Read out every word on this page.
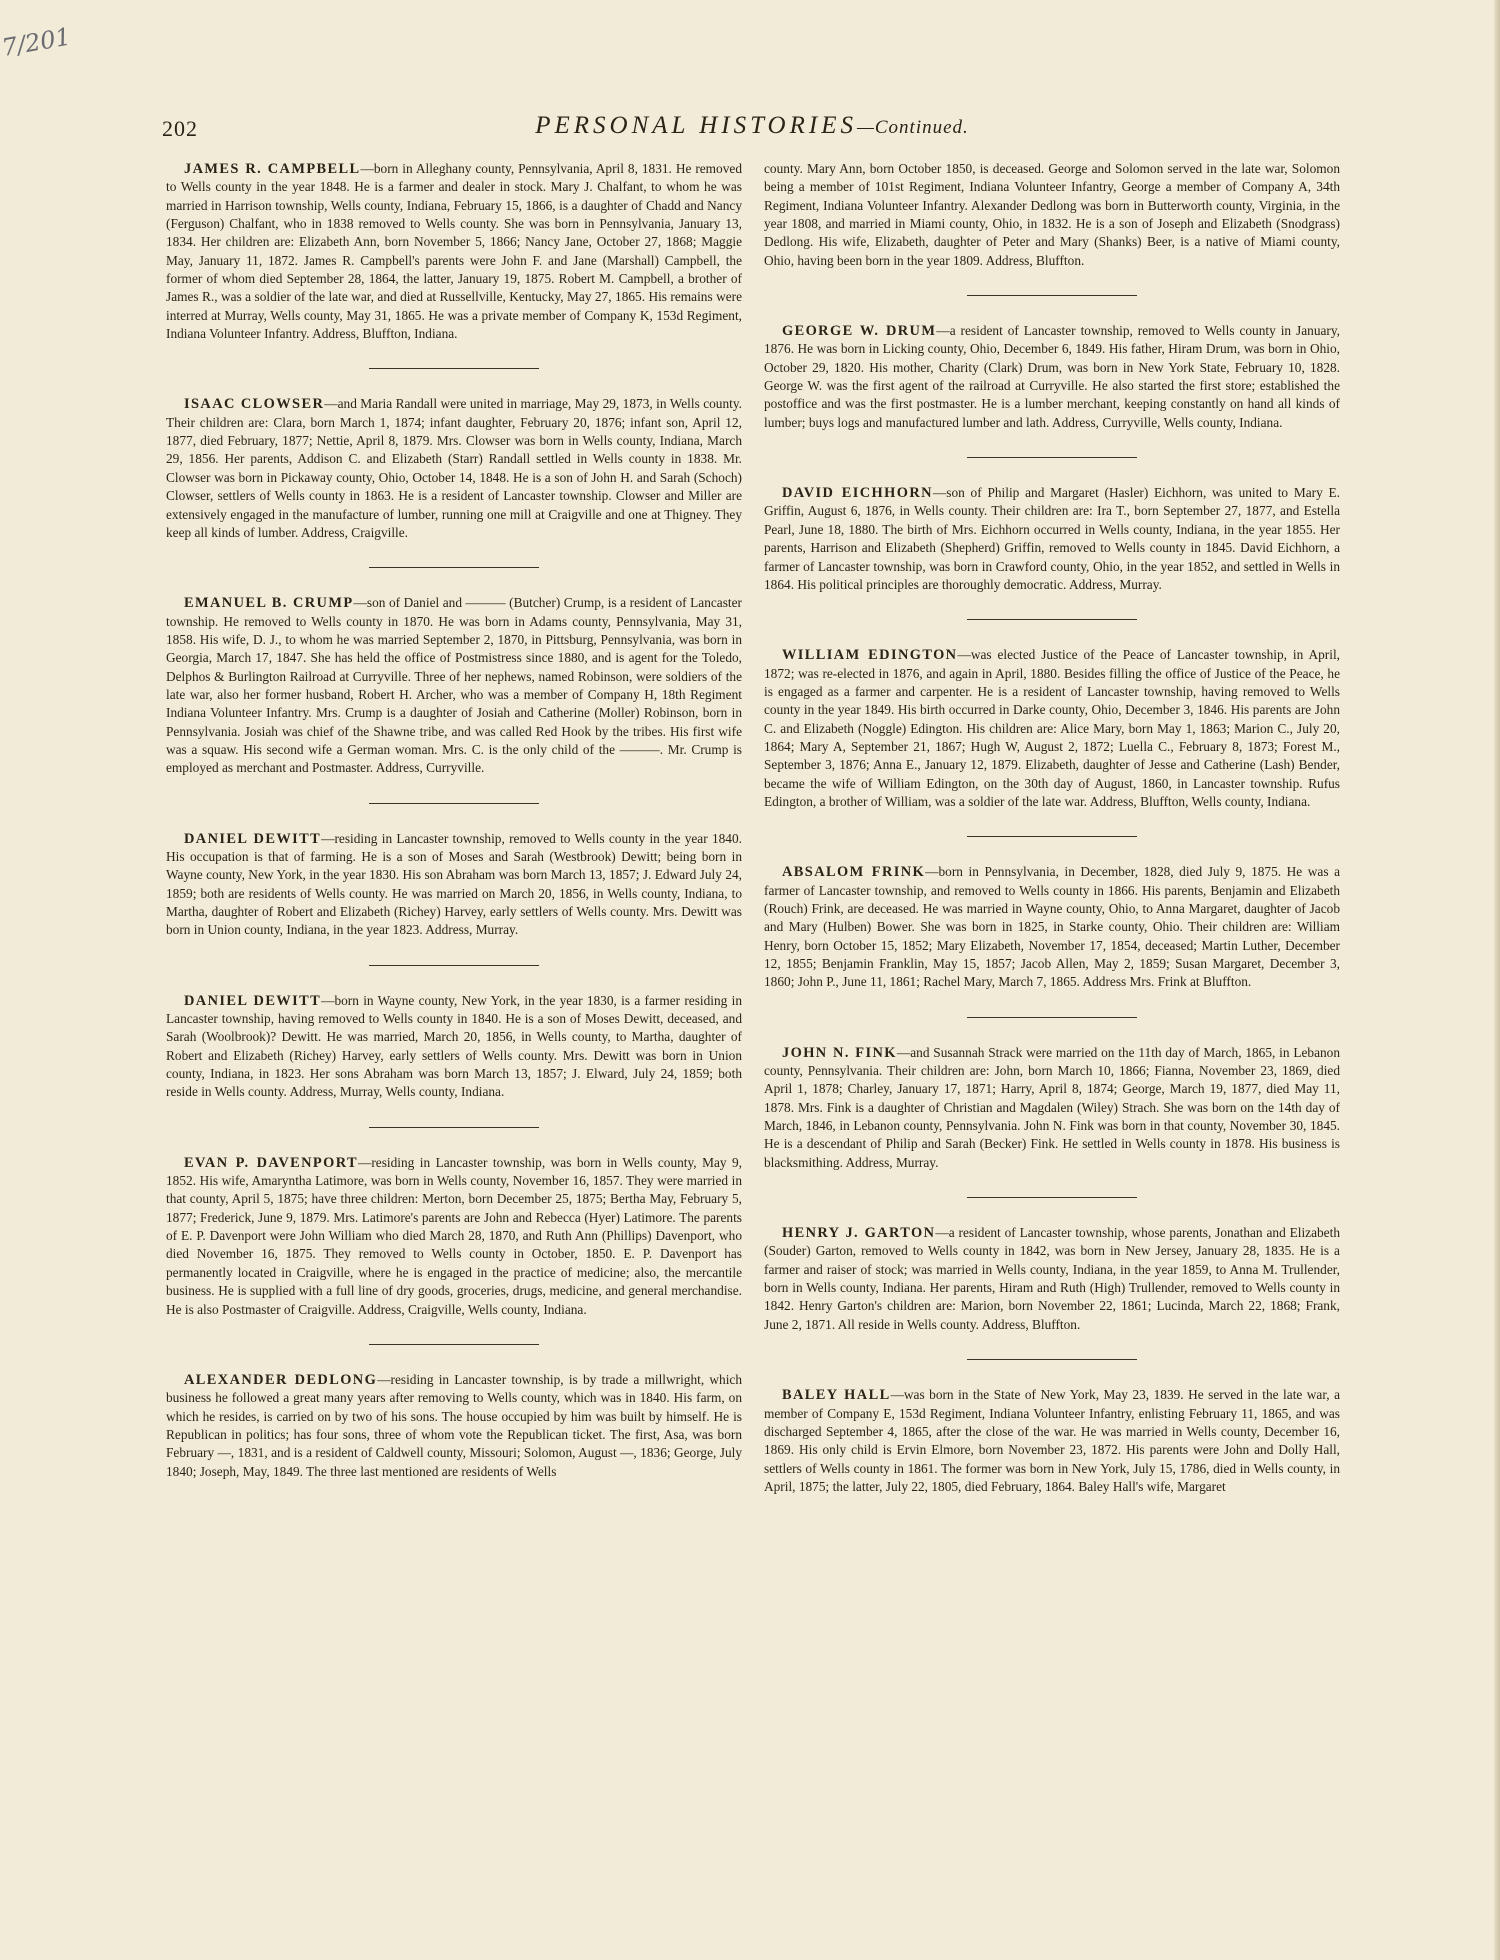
7/201
202	PERSONAL HISTORIES—Continued.

JAMES R. CAMPBELL—born in Alleghany county, Pennsylvania, April 8, 1831. He removed to Wells county in the year 1848. He is a farmer and dealer in stock. Mary J. Chalfant, to whom he was married in Harrison township, Wells county, Indiana, February 15, 1866, is a daughter of Chadd and Nancy (Ferguson) Chalfant, who in 1838 removed to Wells county. She was born in Pennsylvania, January 13, 1834. Her children are: Elizabeth Ann, born November 5, 1866; Nancy Jane, October 27, 1868; Maggie May, January 11, 1872. James R. Campbell's parents were John F. and Jane (Marshall) Campbell, the former of whom died September 28, 1864, the latter, January 19, 1875. Robert M. Campbell, a brother of James R., was a soldier of the late war, and died at Russellville, Kentucky, May 27, 1865. His remains were interred at Murray, Wells county, May 31, 1865. He was a private member of Company K, 153d Regiment, Indiana Volunteer Infantry. Address, Bluffton, Indiana.

ISAAC CLOWSER—and Maria Randall were united in marriage, May 29, 1873, in Wells county. Their children are: Clara, born March 1, 1874; infant daughter, February 20, 1876; infant son, April 12, 1877, died February, 1877; Nettie, April 8, 1879. Mrs. Clowser was born in Wells county, Indiana, March 29, 1856. Her parents, Addison C. and Elizabeth (Starr) Randall settled in Wells county in 1838. Mr. Clowser was born in Pickaway county, Ohio, October 14, 1848. He is a son of John H. and Sarah (Schoch) Clowser, settlers of Wells county in 1863. He is a resident of Lancaster township. Clowser and Miller are extensively engaged in the manufacture of lumber, running one mill at Craigville and one at Thigney. They keep all kinds of lumber. Address, Craigville.

EMANUEL B. CRUMP—son of Daniel and ——— (Butcher) Crump, is a resident of Lancaster township. He removed to Wells county in 1870. He was born in Adams county, Pennsylvania, May 31, 1858. His wife, D. J., to whom he was married September 2, 1870, in Pittsburg, Pennsylvania, was born in Georgia, March 17, 1847. She has held the office of Postmistress since 1880, and is agent for the Toledo, Delphos & Burlington Railroad at Curryville. Three of her nephews, named Robinson, were soldiers of the late war, also her former husband, Robert H. Archer, who was a member of Company H, 18th Regiment Indiana Volunteer Infantry. Mrs. Crump is a daughter of Josiah and Catherine (Moller) Robinson, born in Pennsylvania. Josiah was chief of the Shawne tribe, and was called Red Hook by the tribes. His first wife was a squaw. His second wife a German woman. Mrs. C. is the only child of the ———. Mr. Crump is employed as merchant and Postmaster. Address, Curryville.

DANIEL DEWITT—residing in Lancaster township, removed to Wells county in the year 1840. His occupation is that of farming. He is a son of Moses and Sarah (Westbrook) Dewitt; being born in Wayne county, New York, in the year 1830. His son Abraham was born March 13, 1857; J. Edward July 24, 1859; both are residents of Wells county. He was married on March 20, 1856, in Wells county, Indiana, to Martha, daughter of Robert and Elizabeth (Richey) Harvey, early settlers of Wells county. Mrs. Dewitt was born in Union county, Indiana, in the year 1823. Address, Murray.

DANIEL DEWITT—born in Wayne county, New York, in the year 1830, is a farmer residing in Lancaster township, having removed to Wells county in 1840. He is a son of Moses Dewitt, deceased, and Sarah (Woolbrook)? Dewitt. He was married, March 20, 1856, in Wells county, to Martha, daughter of Robert and Elizabeth (Richey) Harvey, early settlers of Wells county. Mrs. Dewitt was born in Union county, Indiana, in 1823. Her sons Abraham was born March 13, 1857; J. Elward, July 24, 1859; both reside in Wells county. Address, Murray, Wells county, Indiana.

EVAN P. DAVENPORT—residing in Lancaster township, was born in Wells county, May 9, 1852. His wife, Amaryntha Latimore, was born in Wells county, November 16, 1857. They were married in that county, April 5, 1875; have three children: Merton, born December 25, 1875; Bertha May, February 5, 1877; Frederick, June 9, 1879. Mrs. Latimore's parents are John and Rebecca (Hyer) Latimore. The parents of E. P. Davenport were John William who died March 28, 1870, and Ruth Ann (Phillips) Davenport, who died November 16, 1875. They removed to Wells county in October, 1850. E. P. Davenport has permanently located in Craigville, where he is engaged in the practice of medicine; also, the mercantile business. He is supplied with a full line of dry goods, groceries, drugs, medicine, and general merchandise. He is also Postmaster of Craigville. Address, Craigville, Wells county, Indiana.

ALEXANDER DEDLONG—residing in Lancaster township, is by trade a millwright, which business he followed a great many years after removing to Wells county, which was in 1840. His farm, on which he resides, is carried on by two of his sons. The house occupied by him was built by himself. He is Republican in politics; has four sons, three of whom vote the Republican ticket. The first, Asa, was born February —, 1831, and is a resident of Caldwell county, Missouri; Solomon, August —, 1836; George, July 1840; Joseph, May, 1849. The three last mentioned are residents of Wells

county. Mary Ann, born October 1850, is deceased. George and Solomon served in the late war, Solomon being a member of 101st Regiment, Indiana Volunteer Infantry, George a member of Company A, 34th Regiment, Indiana Volunteer Infantry. Alexander Dedlong was born in Butterworth county, Virginia, in the year 1808, and married in Miami county, Ohio, in 1832. He is a son of Joseph and Elizabeth (Snodgrass) Dedlong. His wife, Elizabeth, daughter of Peter and Mary (Shanks) Beer, is a native of Miami county, Ohio, having been born in the year 1809. Address, Bluffton.

GEORGE W. DRUM—a resident of Lancaster township, removed to Wells county in January, 1876. He was born in Licking county, Ohio, December 6, 1849. His father, Hiram Drum, was born in Ohio, October 29, 1820. His mother, Charity (Clark) Drum, was born in New York State, February 10, 1828. George W. was the first agent of the railroad at Curryville. He also started the first store; established the postoffice and was the first postmaster. He is a lumber merchant, keeping constantly on hand all kinds of lumber; buys logs and manufactured lumber and lath. Address, Curryville, Wells county, Indiana.

DAVID EICHHORN—son of Philip and Margaret (Hasler) Eichhorn, was united to Mary E. Griffin, August 6, 1876, in Wells county. Their children are: Ira T., born September 27, 1877, and Estella Pearl, June 18, 1880. The birth of Mrs. Eichhorn occurred in Wells county, Indiana, in the year 1855. Her parents, Harrison and Elizabeth (Shepherd) Griffin, removed to Wells county in 1845. David Eichhorn, a farmer of Lancaster township, was born in Crawford county, Ohio, in the year 1852, and settled in Wells in 1864. His political principles are thoroughly democratic. Address, Murray.

WILLIAM EDINGTON—was elected Justice of the Peace of Lancaster township, in April, 1872; was re-elected in 1876, and again in April, 1880. Besides filling the office of Justice of the Peace, he is engaged as a farmer and carpenter. He is a resident of Lancaster township, having removed to Wells county in the year 1849. His birth occurred in Darke county, Ohio, December 3, 1846. His parents are John C. and Elizabeth (Noggle) Edington. His children are: Alice Mary, born May 1, 1863; Marion C., July 20, 1864; Mary A, September 21, 1867; Hugh W, August 2, 1872; Luella C., February 8, 1873; Forest M., September 3, 1876; Anna E., January 12, 1879. Elizabeth, daughter of Jesse and Catherine (Lash) Bender, became the wife of William Edington, on the 30th day of August, 1860, in Lancaster township. Rufus Edington, a brother of William, was a soldier of the late war. Address, Bluffton, Wells county, Indiana.

ABSALOM FRINK—born in Pennsylvania, in December, 1828, died July 9, 1875. He was a farmer of Lancaster township, and removed to Wells county in 1866. His parents, Benjamin and Elizabeth (Rouch) Frink, are deceased. He was married in Wayne county, Ohio, to Anna Margaret, daughter of Jacob and Mary (Hulben) Bower. She was born in 1825, in Starke county, Ohio. Their children are: William Henry, born October 15, 1852; Mary Elizabeth, November 17, 1854, deceased; Martin Luther, December 12, 1855; Benjamin Franklin, May 15, 1857; Jacob Allen, May 2, 1859; Susan Margaret, December 3, 1860; John P., June 11, 1861; Rachel Mary, March 7, 1865. Address Mrs. Frink at Bluffton.

JOHN N. FINK—and Susannah Strack were married on the 11th day of March, 1865, in Lebanon county, Pennsylvania. Their children are: John, born March 10, 1866; Fianna, November 23, 1869, died April 1, 1878; Charley, January 17, 1871; Harry, April 8, 1874; George, March 19, 1877, died May 11, 1878. Mrs. Fink is a daughter of Christian and Magdalen (Wiley) Strach. She was born on the 14th day of March, 1846, in Lebanon county, Pennsylvania. John N. Fink was born in that county, November 30, 1845. He is a descendant of Philip and Sarah (Becker) Fink. He settled in Wells county in 1878. His business is blacksmithing. Address, Murray.

HENRY J. GARTON—a resident of Lancaster township, whose parents, Jonathan and Elizabeth (Souder) Garton, removed to Wells county in 1842, was born in New Jersey, January 28, 1835. He is a farmer and raiser of stock; was married in Wells county, Indiana, in the year 1859, to Anna M. Trullender, born in Wells county, Indiana. Her parents, Hiram and Ruth (High) Trullender, removed to Wells county in 1842. Henry Garton's children are: Marion, born November 22, 1861; Lucinda, March 22, 1868; Frank, June 2, 1871. All reside in Wells county. Address, Bluffton.

BALEY HALL—was born in the State of New York, May 23, 1839. He served in the late war, a member of Company E, 153d Regiment, Indiana Volunteer Infantry, enlisting February 11, 1865, and was discharged September 4, 1865, after the close of the war. He was married in Wells county, December 16, 1869. His only child is Ervin Elmore, born November 23, 1872. His parents were John and Dolly Hall, settlers of Wells county in 1861. The former was born in New York, July 15, 1786, died in Wells county, in April, 1875; the latter, July 22, 1805, died February, 1864. Baley Hall's wife, Margaret
